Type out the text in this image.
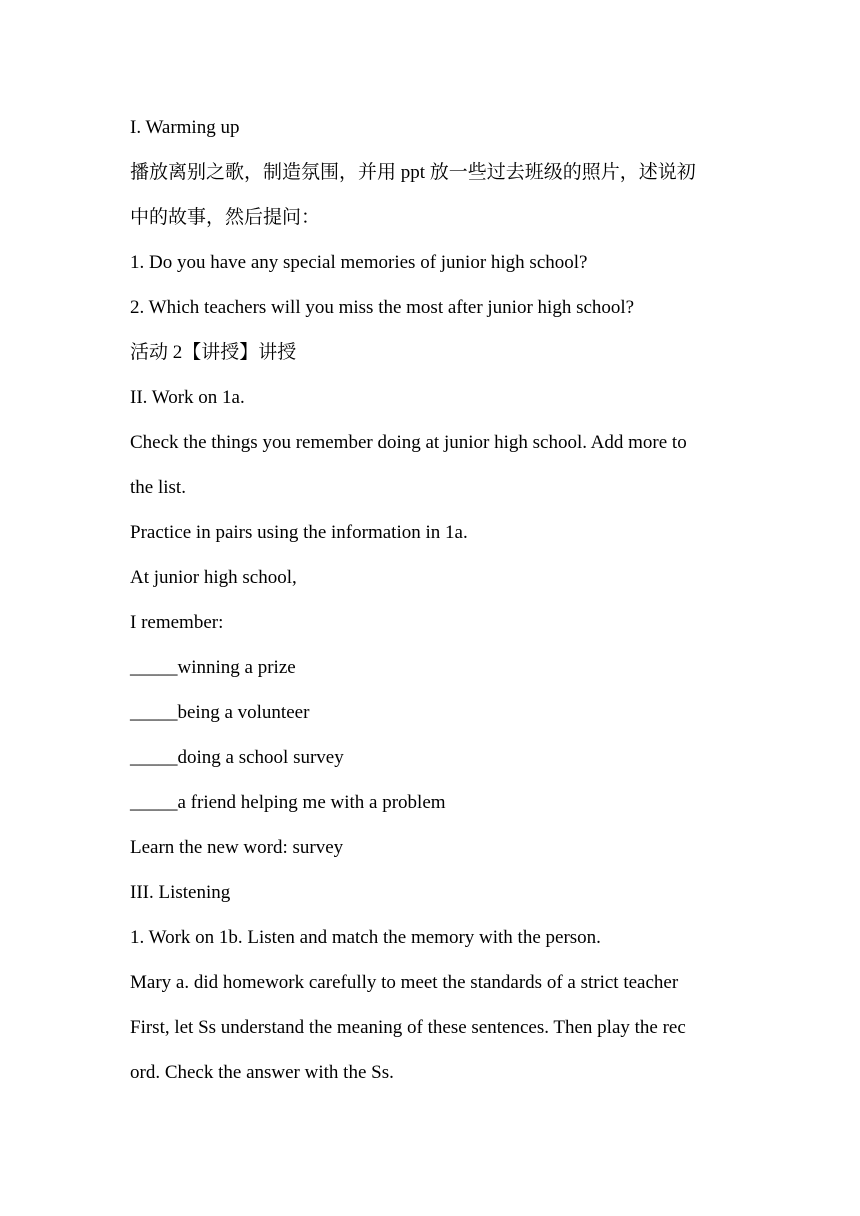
I. Warming up
播放离别之歌，制造氛围，并用 ppt 放一些过去班级的照片，述说初
中的故事，然后提问：
1. Do you have any special memories of junior high school?
2. Which teachers will you miss the most after junior high school?
活动 2【讲授】讲授
II. Work on 1a.
Check the things you remember doing at junior high school. Add more to
the list.
Practice in pairs using the information in 1a.
At junior high school,
I remember:
_____winning a prize
_____being a volunteer
_____doing a school survey
_____a friend helping me with a problem
Learn the new word: survey
III. Listening
1. Work on 1b. Listen and match the memory with the person.
Mary a. did homework carefully to meet the standards of a strict teacher
First, let Ss understand the meaning of these sentences. Then play the rec
ord. Check the answer with the Ss.
